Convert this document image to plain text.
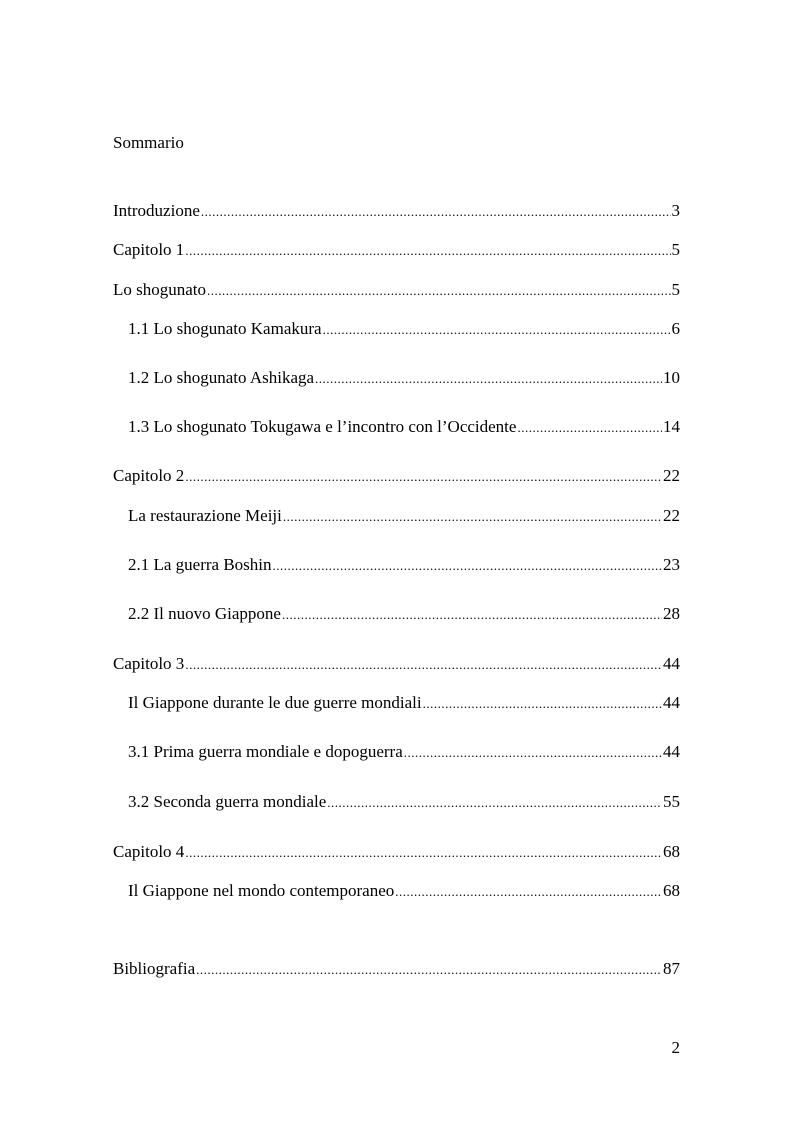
Sommario
Introduzione .....	3
Capitolo 1 .....	5
Lo shogunato .....	5
1.1 Lo shogunato Kamakura .....	6
1.2 Lo shogunato Ashikaga .....	10
1.3 Lo shogunato Tokugawa e l’incontro con l’Occidente .....	14
Capitolo 2 .....	22
La restaurazione Meiji .....	22
2.1 La guerra Boshin .....	23
2.2 Il nuovo Giappone .....	28
Capitolo 3 .....	44
Il Giappone durante le due guerre mondiali .....	44
3.1 Prima guerra mondiale e dopoguerra .....	44
3.2 Seconda guerra mondiale .....	55
Capitolo 4 .....	68
Il Giappone nel mondo contemporaneo .....	68
Bibliografia .....	87
2
